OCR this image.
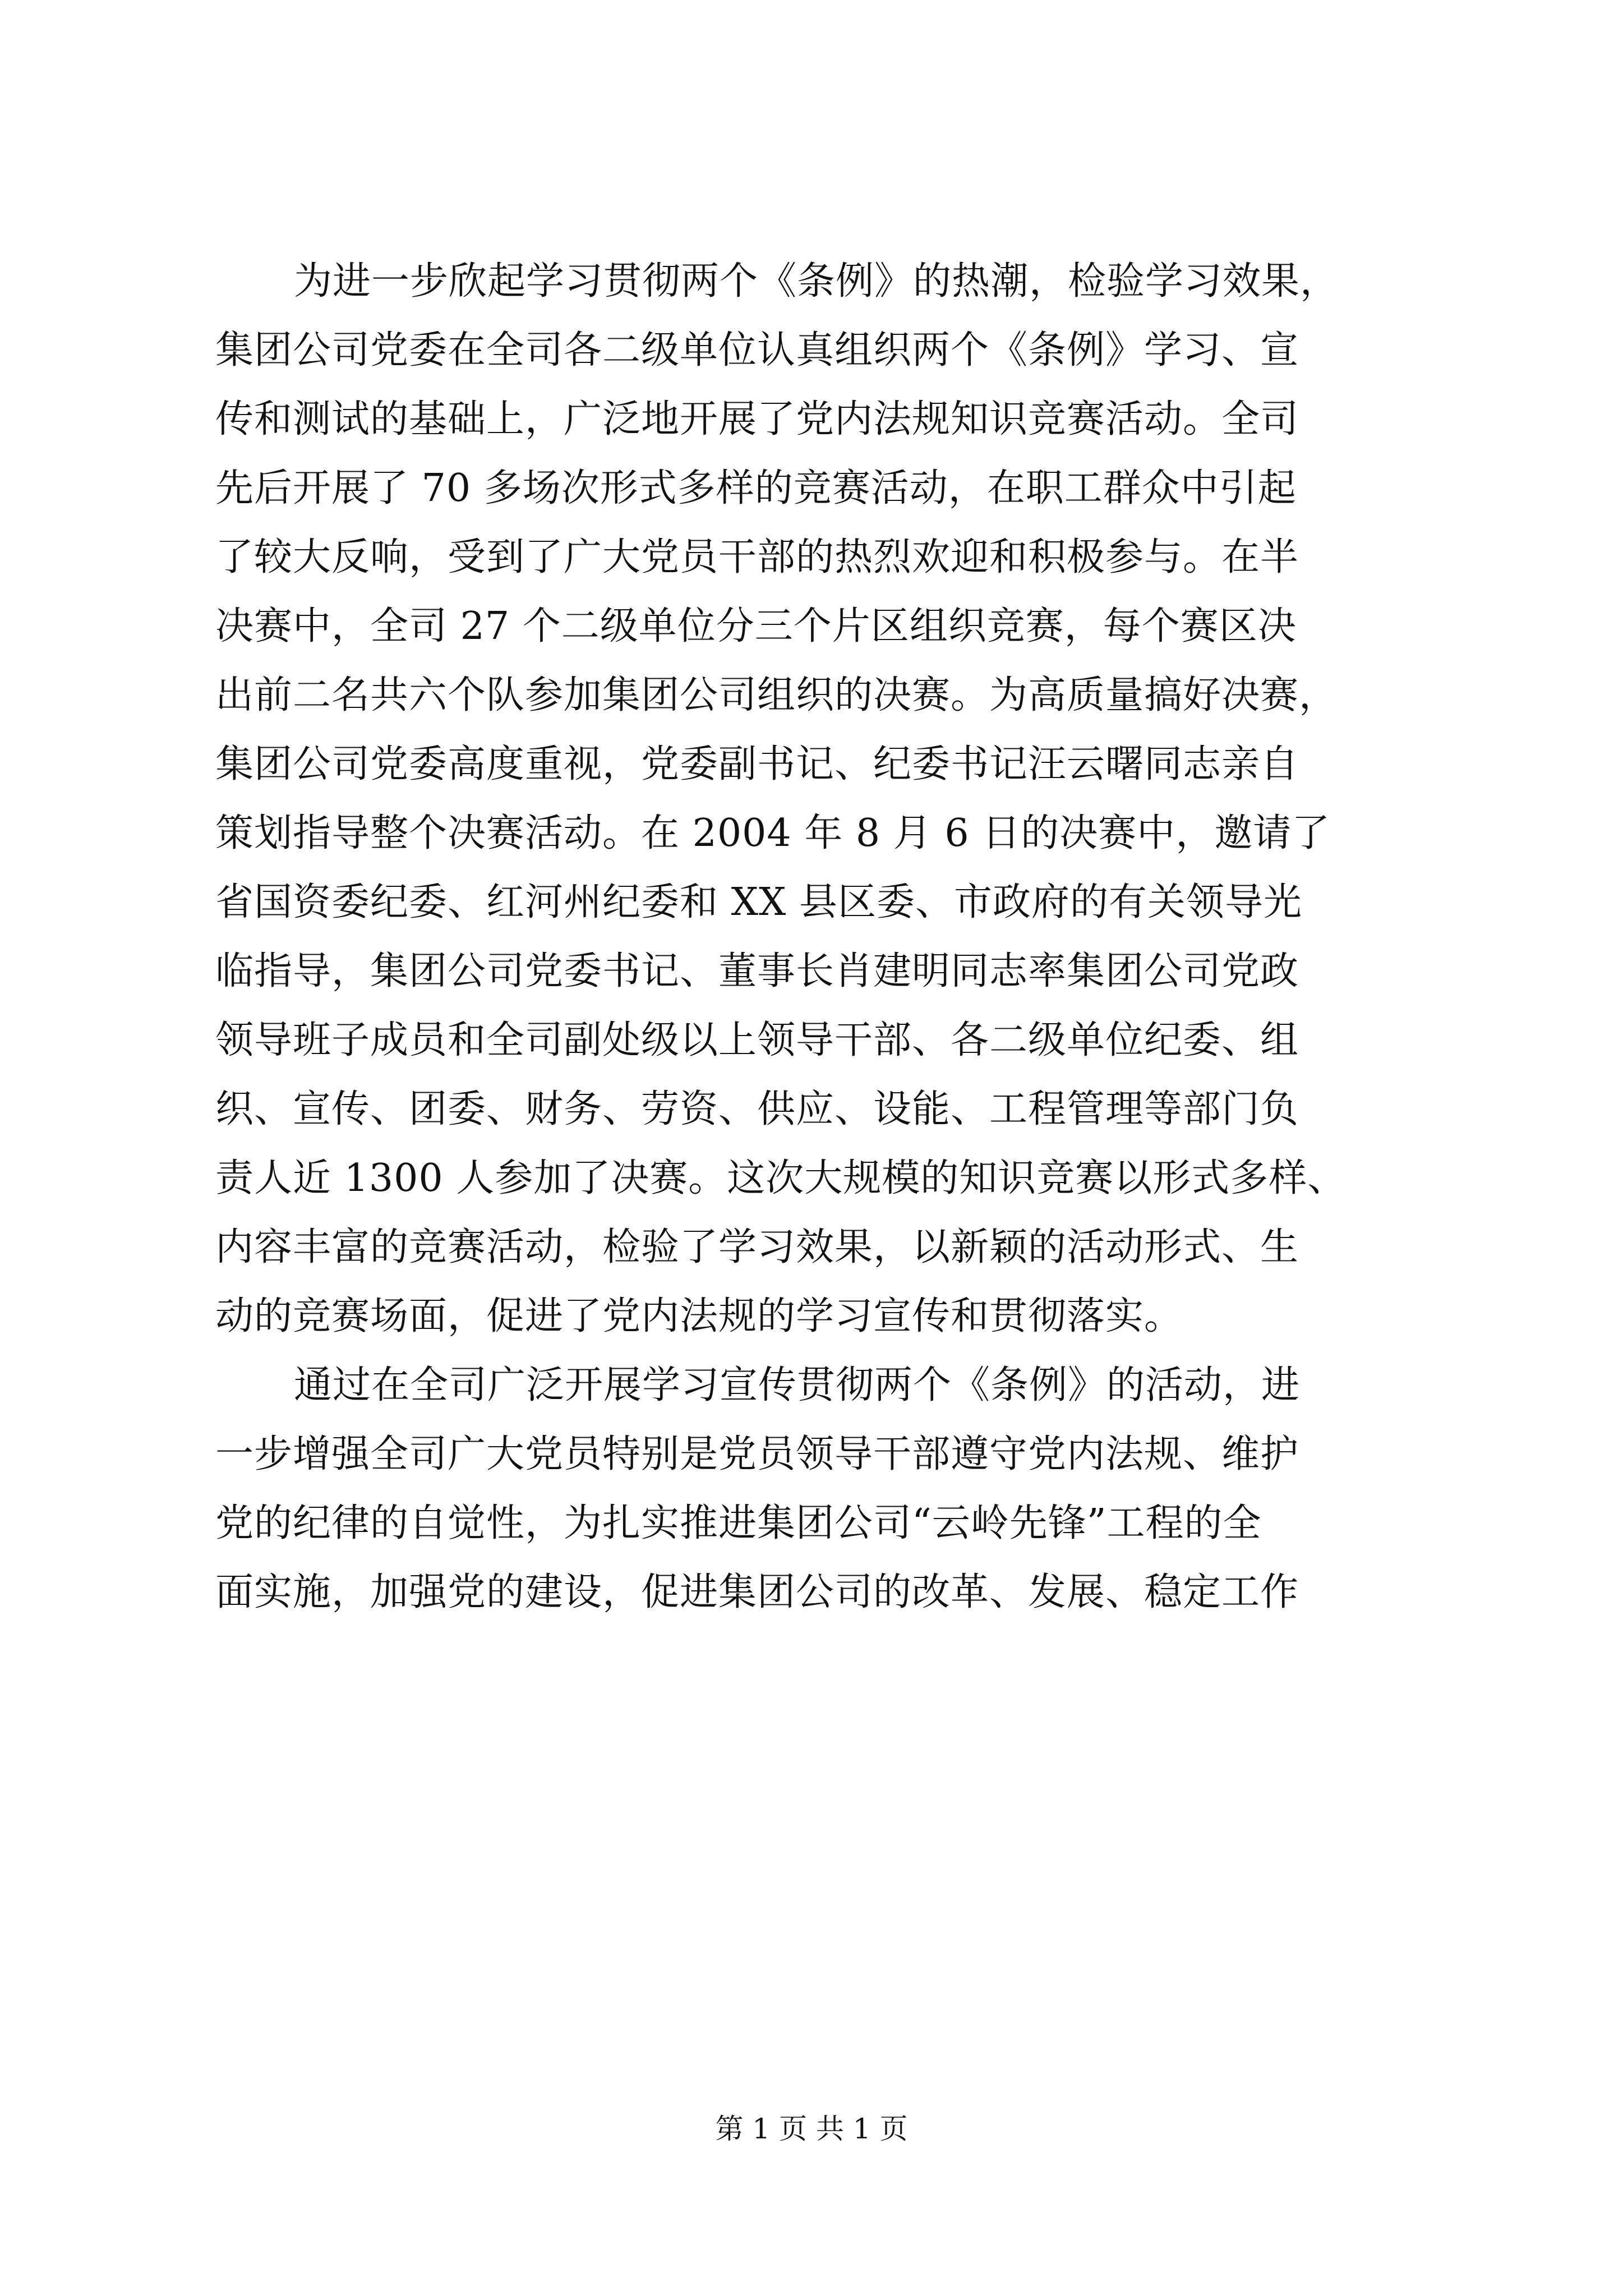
为进一步欣起学习贯彻两个《条例》的热潮，检验学习效果，
集团公司党委在全司各二级单位认真组织两个《条例》学习、宣
传和测试的基础上，广泛地开展了党内法规知识竞赛活动。全司
先后开展了 70 多场次形式多样的竞赛活动，在职工群众中引起
了较大反响，受到了广大党员干部的热烈欢迎和积极参与。在半
决赛中，全司 27 个二级单位分三个片区组织竞赛，每个赛区决
出前二名共六个队参加集团公司组织的决赛。为高质量搞好决赛，
集团公司党委高度重视，党委副书记、纪委书记汪云曙同志亲自
策划指导整个决赛活动。在 2004 年 8 月 6 日的决赛中，邀请了
省国资委纪委、红河州纪委和 XX 县区委、市政府的有关领导光
临指导，集团公司党委书记、董事长肖建明同志率集团公司党政
领导班子成员和全司副处级以上领导干部、各二级单位纪委、组
织、宣传、团委、财务、劳资、供应、设能、工程管理等部门负
责人近 1300 人参加了决赛。这次大规模的知识竞赛以形式多样、
内容丰富的竞赛活动，检验了学习效果，以新颖的活动形式、生
动的竞赛场面，促进了党内法规的学习宣传和贯彻落实。

通过在全司广泛开展学习宣传贯彻两个《条例》的活动，进
一步增强全司广大党员特别是党员领导干部遵守党内法规、维护
党的纪律的自觉性，为扎实推进集团公司“云岭先锋”工程的全
面实施，加强党的建设，促进集团公司的改革、发展、稳定工作

第 1 页 共 1 页
